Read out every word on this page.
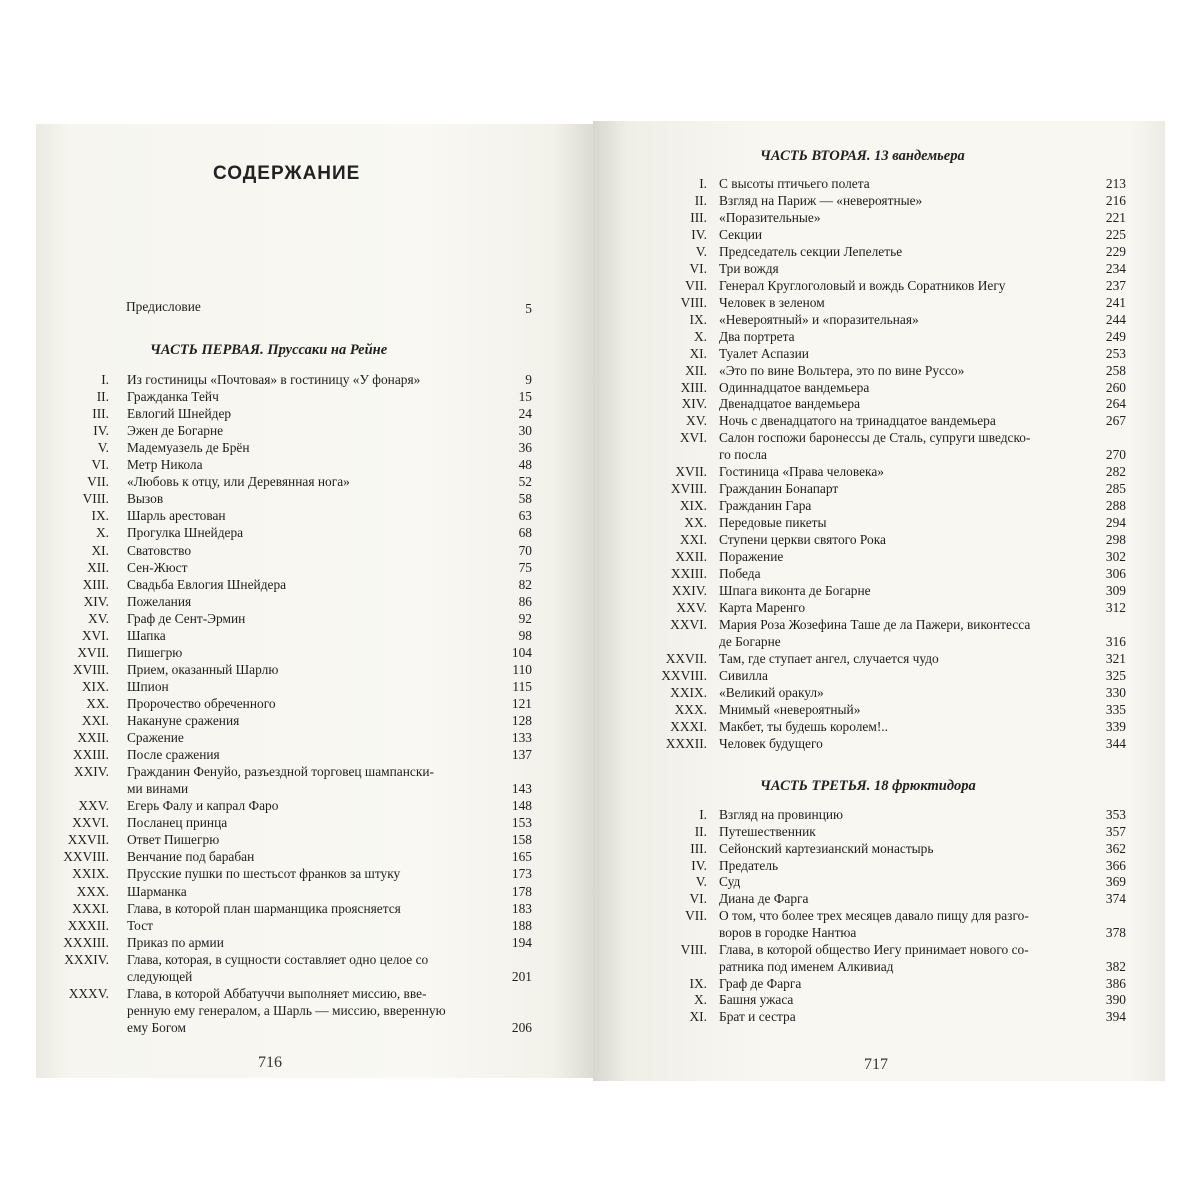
СОДЕРЖАНИЕ
Предисловие	5
ЧАСТЬ ПЕРВАЯ. Пруссаки на Рейне
I. Из гостиницы «Почтовая» в гостиницу «У фонаря»	9
II. Гражданка Тейч	15
III. Евлогий Шнейдер	24
IV. Эжен де Богарне	30
V. Мадемуазель де Брён	36
VI. Метр Никола	48
VII. «Любовь к отцу, или Деревянная нога»	52
VIII. Вызов	58
IX. Шарль арестован	63
X. Прогулка Шнейдера	68
XI. Сватовство	70
XII. Сен-Жюст	75
XIII. Свадьба Евлогия Шнейдера	82
XIV. Пожелания	86
XV. Граф де Сент-Эрмин	92
XVI. Шапка	98
XVII. Пишегрю	104
XVIII. Прием, оказанный Шарлю	110
XIX. Шпион	115
XX. Пророчество обреченного	121
XXI. Накануне сражения	128
XXII. Сражение	133
XXIII. После сражения	137
XXIV. Гражданин Фенуйо, разъездной торговец шампански-
ми винами	143
XXV. Егерь Фалу и капрал Фаро	148
XXVI. Посланец принца	153
XXVII. Ответ Пишегрю	158
XXVIII. Венчание под барабан	165
XXIX. Прусские пушки по шестьсот франков за штуку	173
XXX. Шарманка	178
XXXI. Глава, в которой план шарманщика проясняется	183
XXXII. Тост	188
XXXIII. Приказ по армии	194
XXXIV. Глава, которая, в сущности составляет одно целое со
следующей	201
XXXV. Глава, в которой Аббатуччи выполняет миссию, вве-
ренную ему генералом, а Шарль — миссию, вверенную
ему Богом	206
ЧАСТЬ ВТОРАЯ. 13 вандемьера
I. С высоты птичьего полета	213
II. Взгляд на Париж — «невероятные»	216
III. «Поразительные»	221
IV. Секции	225
V. Председатель секции Лепелетье	229
VI. Три вождя	234
VII. Генерал Круглоголовый и вождь Соратников Иегу	237
VIII. Человек в зеленом	241
IX. «Невероятный» и «поразительная»	244
X. Два портрета	249
XI. Туалет Аспазии	253
XII. «Это по вине Вольтера, это по вине Руссо»	258
XIII. Одиннадцатое вандемьера	260
XIV. Двенадцатое вандемьера	264
XV. Ночь с двенадцатого на тринадцатое вандемьера	267
XVI. Салон госпожи баронессы де Сталь, супруги шведско-
го посла	270
XVII. Гостиница «Права человека»	282
XVIII. Гражданин Бонапарт	285
XIX. Гражданин Гара	288
XX. Передовые пикеты	294
XXI. Ступени церкви святого Рока	298
XXII. Поражение	302
XXIII. Победа	306
XXIV. Шпага виконта де Богарне	309
XXV. Карта Маренго	312
XXVI. Мария Роза Жозефина Таше де ла Пажери, виконтесса
де Богарне	316
XXVII. Там, где ступает ангел, случается чудо	321
XXVIII. Сивилла	325
XXIX. «Великий оракул»	330
XXX. Мнимый «невероятный»	335
XXXI. Макбет, ты будешь королем!..	339
XXXII. Человек будущего	344
ЧАСТЬ ТРЕТЬЯ. 18 фрюктидора
I. Взгляд на провинцию	353
II. Путешественник	357
III. Сейонский картезианский монастырь	362
IV. Предатель	366
V. Суд	369
VI. Диана де Фарга	374
VII. О том, что более трех месяцев давало пищу для разго-
воров в городке Нантюа	378
VIII. Глава, в которой общество Иегу принимает нового со-
ратника под именем Алкивиад	382
IX. Граф де Фарга	386
X. Башня ужаса	390
XI. Брат и сестра	394
716	717
